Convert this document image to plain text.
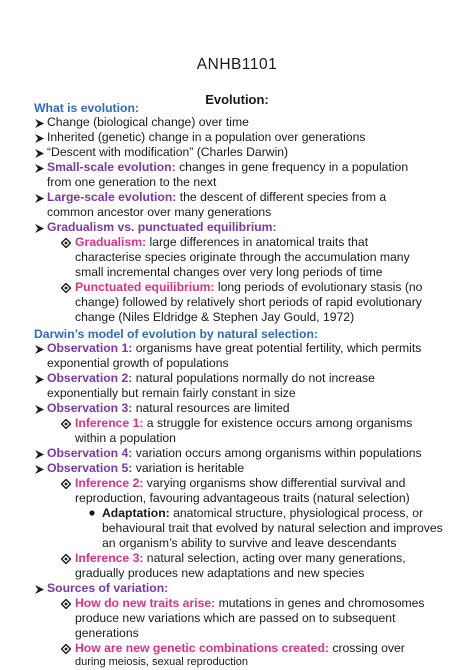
ANHB1101
Evolution:
What is evolution:
Change (biological change) over time
Inherited (genetic) change in a population over generations
“Descent with modification” (Charles Darwin)
Small-scale evolution: changes in gene frequency in a population
from one generation to the next
Large-scale evolution: the descent of different species from a
common ancestor over many generations
Gradualism vs. punctuated equilibrium:
Gradualism: large differences in anatomical traits that
characterise species originate through the accumulation many
small incremental changes over very long periods of time
Darwin’s model of evolution by natural selection:
Observation 1: organisms have great potential fertility, which permits
exponential growth of populations
Observation 2: natural populations normally do not increase
exponentially but remain fairly constant in size
Observation 3: natural resources are limited
Inference 1: a struggle for existence occurs among organisms
within a population
Observation 4: variation occurs among organisms within populations
Observation 5: variation is heritable
Inference 2: varying organisms show differential survival and
reproduction, favouring advantageous traits (natural selection)
Adaptation: anatomical structure, physiological process, or
behavioural trait that evolved by natural selection and improves
an organism’s ability to survive and leave descendants
Inference 3: natural selection, acting over many generations,
gradually produces new adaptations and new species
Sources of variation:
How do new traits arise: mutations in genes and chromosomes
produce new variations which are passed on to subsequent
generations
How are new genetic combinations created: crossing over
during meiosis, sexual reproduction
Punctuated equilibrium: long periods of evolutionary stasis (no
change) followed by relatively short periods of rapid evolutionary
change (Niles Eldridge & Stephen Jay Gould, 1972)
